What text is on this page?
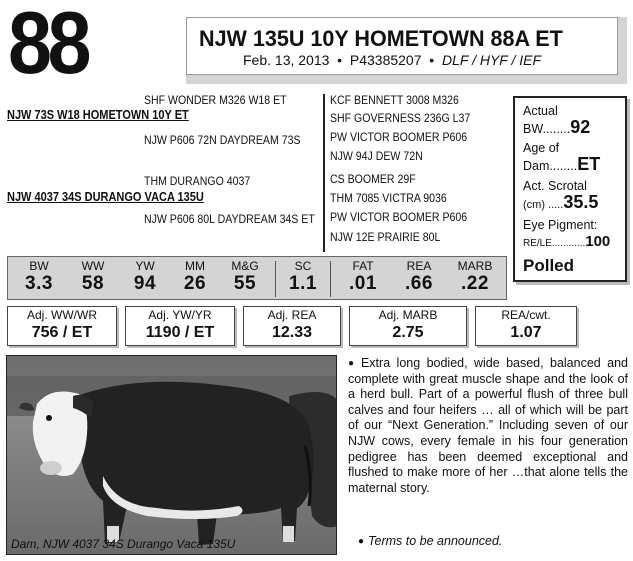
88	NJW 135U 10Y HOMETOWN 88A ET
Feb. 13, 2013  •  P43385207  •  DLF / HYF / IEF
SHF WONDER M326 W18 ET
NJW 73S W18 HOMETOWN 10Y ET
NJW P606 72N DAYDREAM 73S
THM DURANGO 4037
NJW 4037 34S DURANGO VACA 135U
NJW P606 80L DAYDREAM 34S ET
KCF BENNETT 3008 M326
SHF GOVERNESS 236G L37
PW VICTOR BOOMER P606
NJW 94J DEW 72N
CS BOOMER 29F
THM 7085 VICTRA 9036
PW VICTOR BOOMER P606
NJW 12E PRAIRIE 80L
Actual
BW........92
Age of
Dam........ET
Act. Scrotal
(cm) .....35.5
Eye Pigment:
RE/LE............100
Polled
BW
3.3
WW
58
YW
94
MM
26
M&G
55
SC
1.1
FAT
.01
REA
.66
MARB
.22
Adj. WW/WR
756 / ET
Adj. YW/YR
1190 / ET
Adj. REA
12.33
Adj. MARB
2.75
REA/cwt.
1.07
Dam, NJW 4037 34S Durango Vaca 135U
● Extra long bodied, wide based, balanced and complete with great muscle shape and the look of a herd bull. Part of a powerful flush of three bull calves and four heifers … all of which will be part of our “Next Generation.” Including seven of our NJW cows, every female in his four generation pedigree has been deemed exceptional and flushed to make more of her …that alone tells the maternal story.
● Terms to be announced.
